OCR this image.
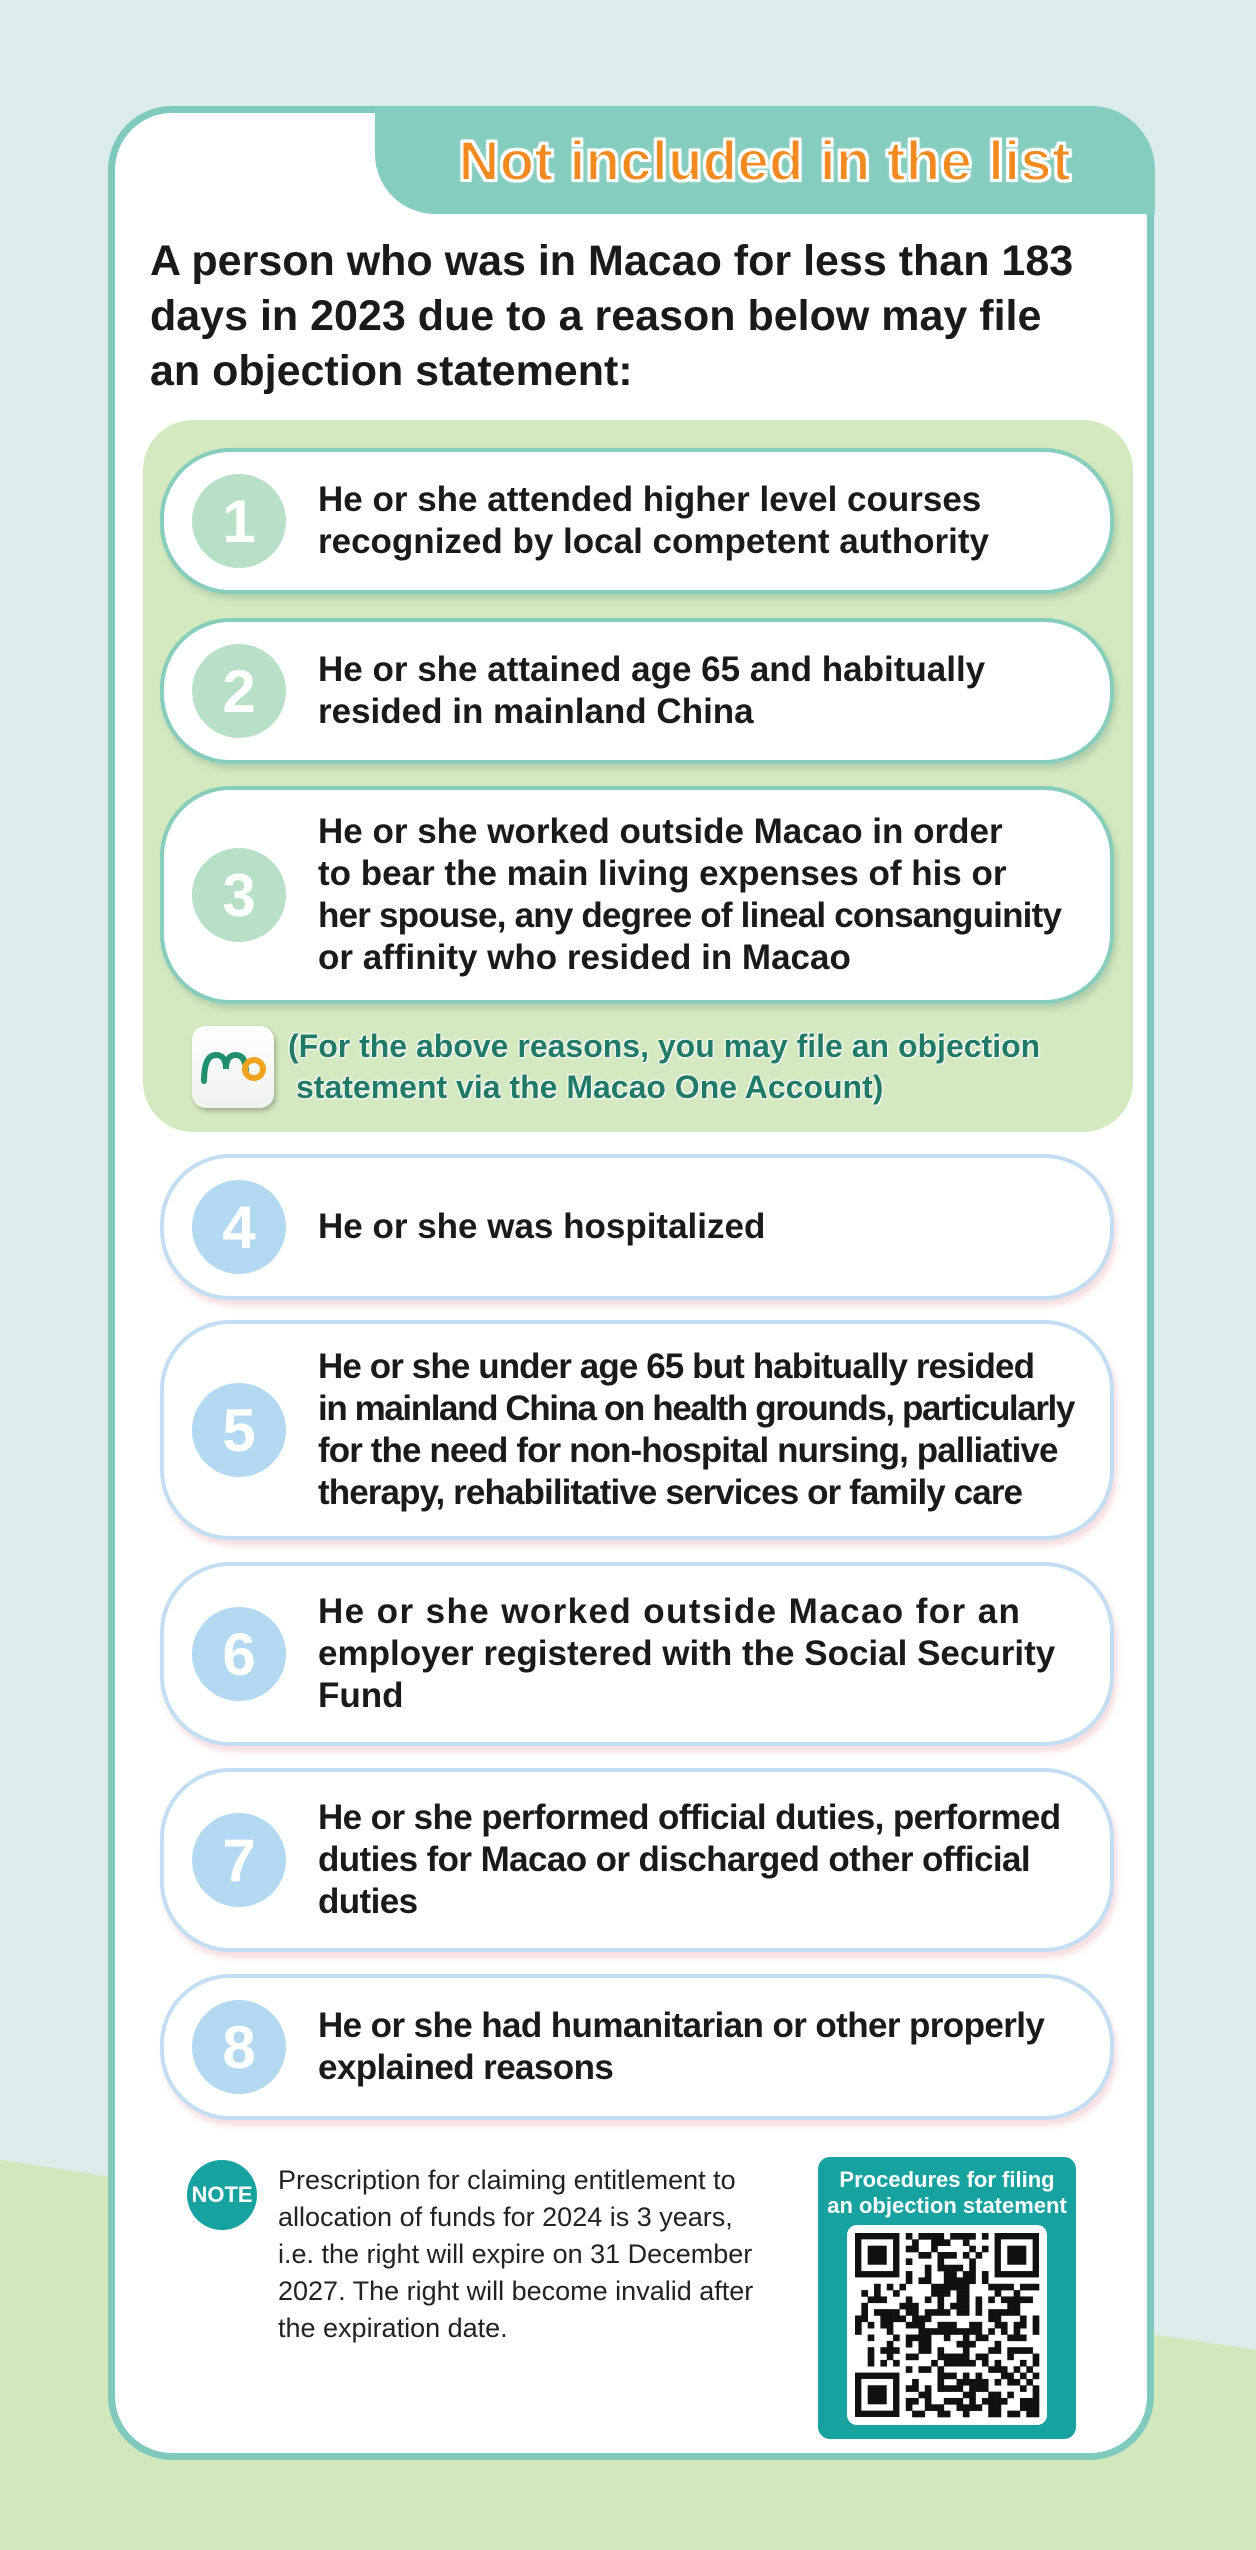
Not included in the list
A person who was in Macao for less than 183
days in 2023 due to a reason below may file
an objection statement:
1	He or she attended higher level courses
recognized by local competent authority
2	He or she attained age 65 and habitually
resided in mainland China
3
He or she worked outside Macao in order
to bear the main living expenses of his or
her spouse, any degree of lineal consanguinity
or affinity who resided in Macao
(For the above reasons, you may file an objection
statement via the Macao One Account)
4	He or she was hospitalized
5
He or she under age 65 but habitually resided
in mainland China on health grounds, particularly
for the need for non-hospital nursing, palliative
therapy, rehabilitative services or family care
6
He or she worked outside Macao for an
employer registered with the Social Security
Fund
7
He or she performed official duties, performed
duties for Macao or discharged other official
duties
8	He or she had humanitarian or other properly
explained reasons
NOTE Prescription for claiming entitlement to
allocation of funds for 2024 is 3 years,
i.e. the right will expire on 31 December
2027. The right will become invalid after
the expiration date.
Procedures for filing
an objection statement
